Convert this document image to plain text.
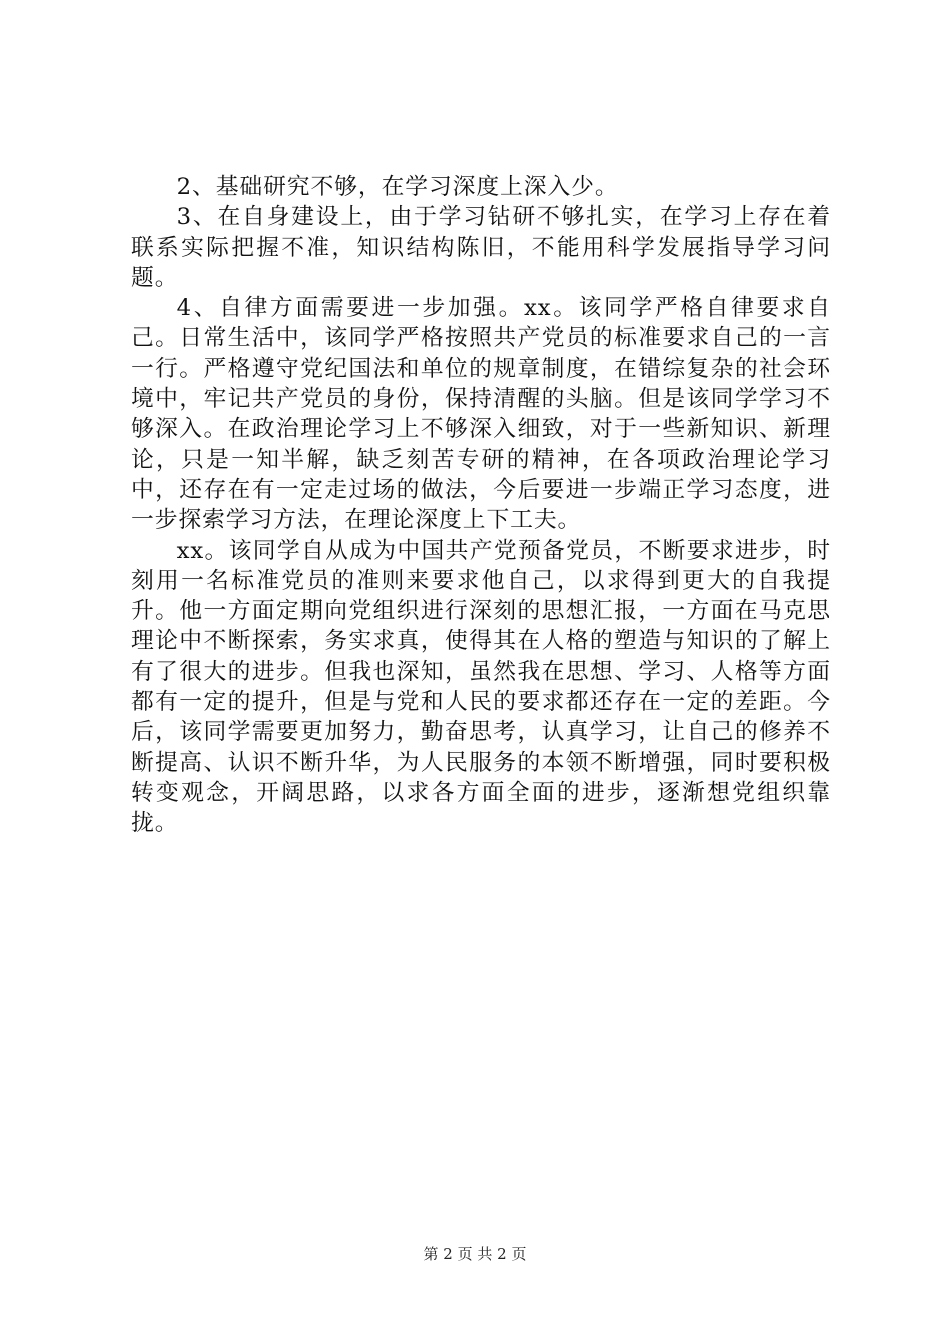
2、基础研究不够，在学习深度上深入少。

3、在自身建设上，由于学习钻研不够扎实，在学习上存在着联系实际把握不准，知识结构陈旧，不能用科学发展指导学习问题。

4、自律方面需要进一步加强。xx。该同学严格自律要求自己。日常生活中，该同学严格按照共产党员的标准要求自己的一言一行。严格遵守党纪国法和单位的规章制度，在错综复杂的社会环境中，牢记共产党员的身份，保持清醒的头脑。但是该同学学习不够深入。在政治理论学习上不够深入细致，对于一些新知识、新理论，只是一知半解，缺乏刻苦专研的精神，在各项政治理论学习中，还存在有一定走过场的做法，今后要进一步端正学习态度，进一步探索学习方法，在理论深度上下工夫。

xx。该同学自从成为中国共产党预备党员，不断要求进步，时刻用一名标准党员的准则来要求他自己，以求得到更大的自我提升。他一方面定期向党组织进行深刻的思想汇报，一方面在马克思理论中不断探索，务实求真，使得其在人格的塑造与知识的了解上有了很大的进步。但我也深知，虽然我在思想、学习、人格等方面都有一定的提升，但是与党和人民的要求都还存在一定的差距。今后，该同学需要更加努力，勤奋思考，认真学习，让自己的修养不断提高、认识不断升华，为人民服务的本领不断增强，同时要积极转变观念，开阔思路，以求各方面全面的进步，逐渐想党组织靠拢。

第 2 页 共 2 页
